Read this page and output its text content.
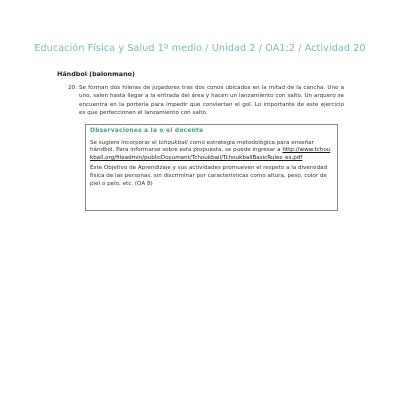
Educación Física y Salud 1º medio / Unidad 2 / OA1;2 / Actividad 20
Hándbol (balonmano)
20. Se forman dos hileras de jugadores tras dos conos ubicados en la mitad de la cancha. Uno a uno, salen hasta llegar a la entrada del área y hacen un lanzamiento con salto. Un arquero se encuentra en la portería para impedir que conviertan el gol. Lo importante de este ejercicio es que perfeccionen el lanzamiento con salto.
Observaciones a la o el docente
Se sugiere incorporar el tchoukball como estrategia metodológica para enseñar hándbol. Para informarse sobre esta propuesta, se puede ingresar a http://www.tchoukball.org/fileadmin/publicDocument/Tchoukball/TchoukballBasicRules_es.pdf
Este Objetivo de Aprendizaje y sus actividades promueven el respeto a la diversidad física de las personas, sin discriminar por características como altura, peso, color de piel o pelo, etc. (OA 8)
